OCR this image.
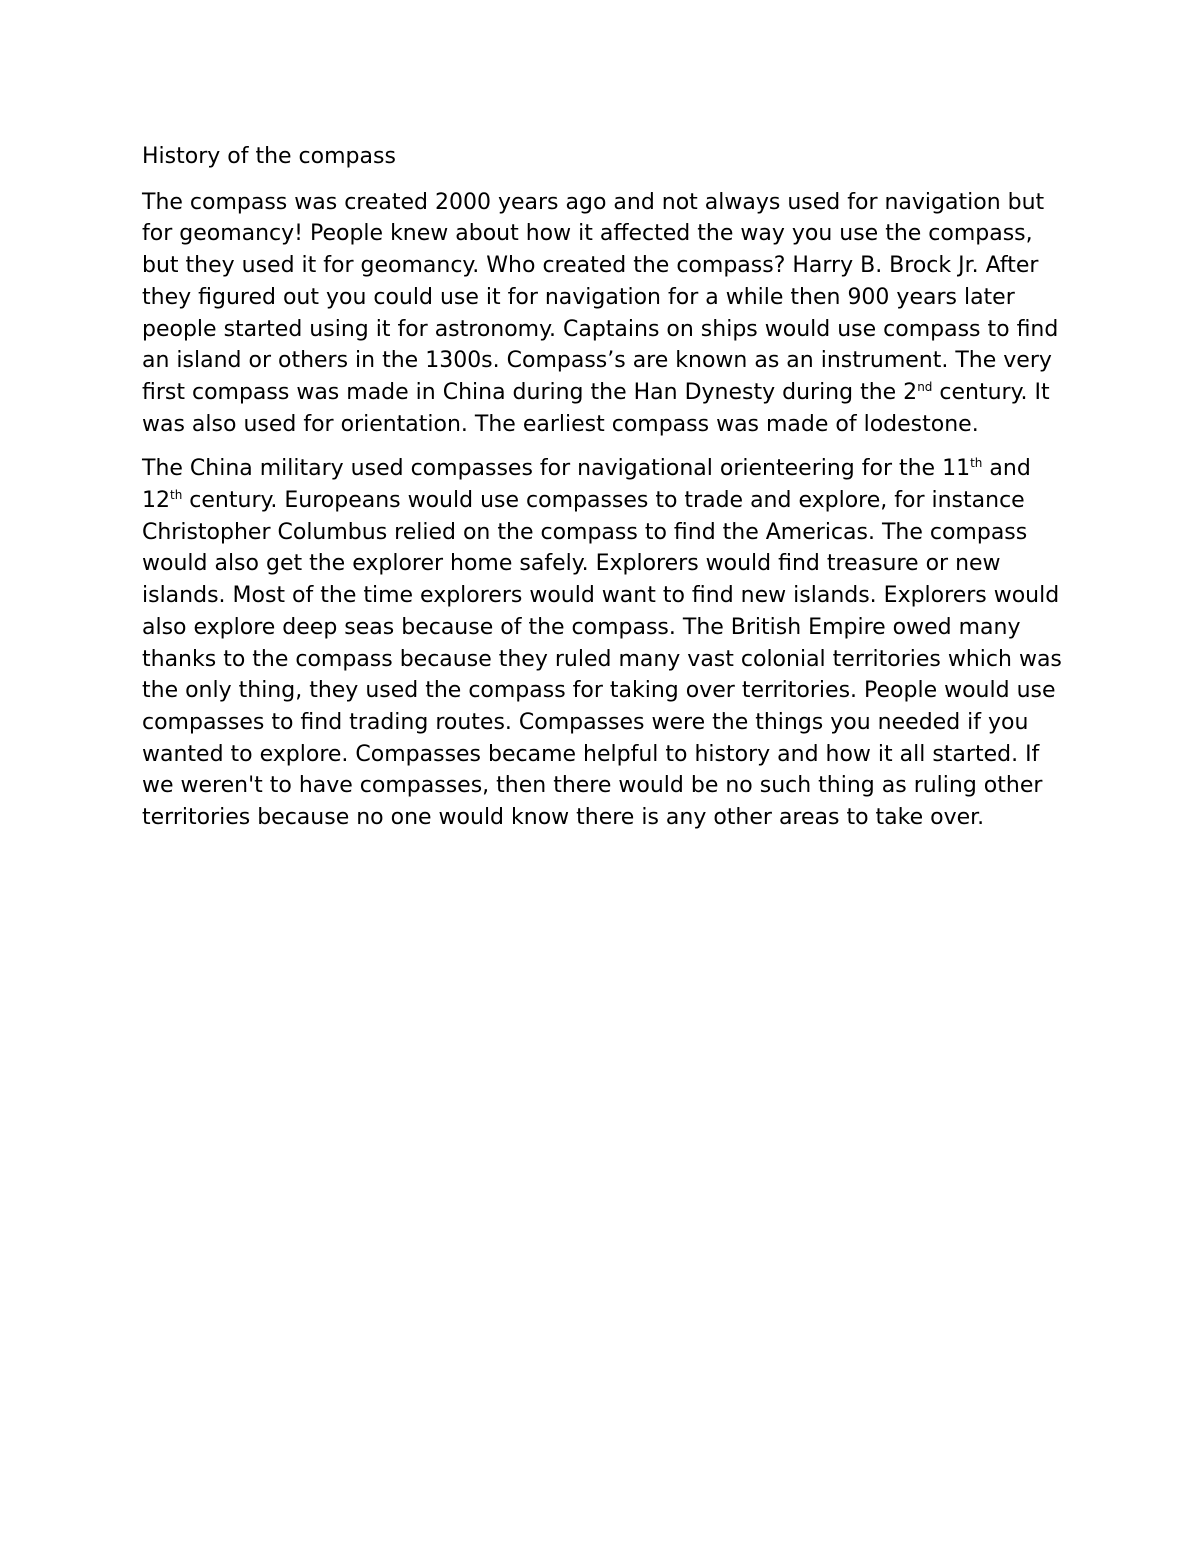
History of the compass

The compass was created 2000 years ago and not always used for navigation but for geomancy! People knew about how it affected the way you use the compass, but they used it for geomancy. Who created the compass? Harry B. Brock Jr. After they figured out you could use it for navigation for a while then 900 years later people started using it for astronomy. Captains on ships would use compass to find an island or others in the 1300s. Compass’s are known as an instrument. The very first compass was made in China during the Han Dynesty during the 2nd century. It was also used for orientation. The earliest compass was made of lodestone.

The China military used compasses for navigational orienteering for the 11th and 12th century. Europeans would use compasses to trade and explore, for instance Christopher Columbus relied on the compass to find the Americas. The compass would also get the explorer home safely. Explorers would find treasure or new islands. Most of the time explorers would want to find new islands. Explorers would also explore deep seas because of the compass. The British Empire owed many thanks to the compass because they ruled many vast colonial territories which was the only thing, they used the compass for taking over territories. People would use compasses to find trading routes. Compasses were the things you needed if you wanted to explore. Compasses became helpful to history and how it all started. If we weren't to have compasses, then there would be no such thing as ruling other territories because no one would know there is any other areas to take over.
